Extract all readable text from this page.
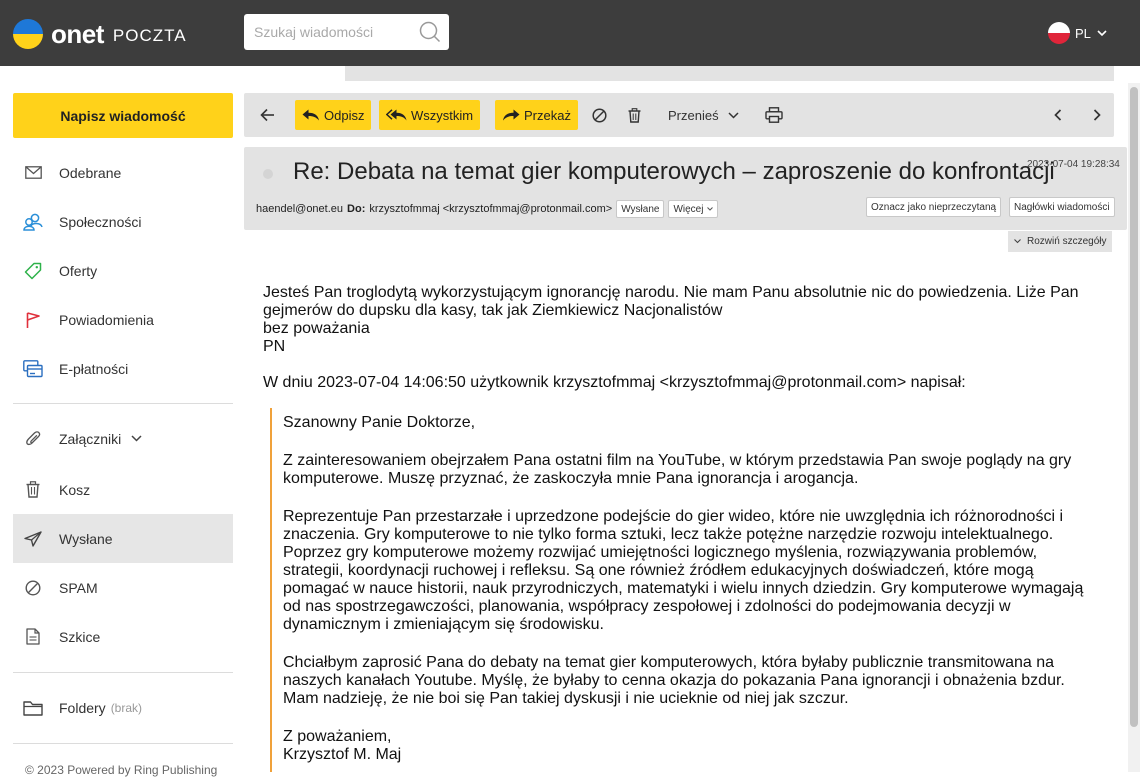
onet POCZTA
Szukaj wiadomości	PL
Napisz wiadomość
Odebrane
Społeczności
Oferty
Powiadomienia
E-płatności
Załączniki
Kosz
Wysłane
SPAM
Szkice
Foldery (brak)
© 2023 Powered by Ring Publishing
Odpisz	Wszystkim	Przekaż	Przenieś
Re: Debata na temat gier komputerowych – zaproszenie do konfrontacji
2023-07-04 19:28:34
haendel@onet.eu Do: krzysztofmmaj <krzysztofmmaj@protonmail.com> Wysłane Więcej	Oznacz jako nieprzeczytaną	Nagłówki wiadomości
Rozwiń szczegóły

Jesteś Pan troglodytą wykorzystującym ignorancję narodu. Nie mam Panu absolutnie nic do powiedzenia. Liże Pan

gejmerów do dupsku dla kasy, tak jak Ziemkiewicz Nacjonalistów

bez poważania

PN

W dniu 2023-07-04 14:06:50 użytkownik krzysztofmmaj <krzysztofmmaj@protonmail.com> napisał:

Szanowny Panie Doktorze,
Z zainteresowaniem obejrzałem Pana ostatni film na YouTube, w którym przedstawia Pan swoje poglądy na gry
komputerowe. Muszę przyznać, że zaskoczyła mnie Pana ignorancja i arogancja.
Reprezentuje Pan przestarzałe i uprzedzone podejście do gier wideo, które nie uwzględnia ich różnorodności i
znaczenia. Gry komputerowe to nie tylko forma sztuki, lecz także potężne narzędzie rozwoju intelektualnego.
Poprzez gry komputerowe możemy rozwijać umiejętności logicznego myślenia, rozwiązywania problemów,
strategii, koordynacji ruchowej i refleksu. Są one również źródłem edukacyjnych doświadczeń, które mogą
pomagać w nauce historii, nauk przyrodniczych, matematyki i wielu innych dziedzin. Gry komputerowe wymagają
od nas spostrzegawczości, planowania, współpracy zespołowej i zdolności do podejmowania decyzji w
dynamicznym i zmieniającym się środowisku.
Chciałbym zaprosić Pana do debaty na temat gier komputerowych, która byłaby publicznie transmitowana na
naszych kanałach Youtube. Myślę, że byłaby to cenna okazja do pokazania Pana ignorancji i obnażenia bzdur.
Mam nadzieję, że nie boi się Pan takiej dyskusji i nie ucieknie od niej jak szczur.
Z poważaniem,
Krzysztof M. Maj
